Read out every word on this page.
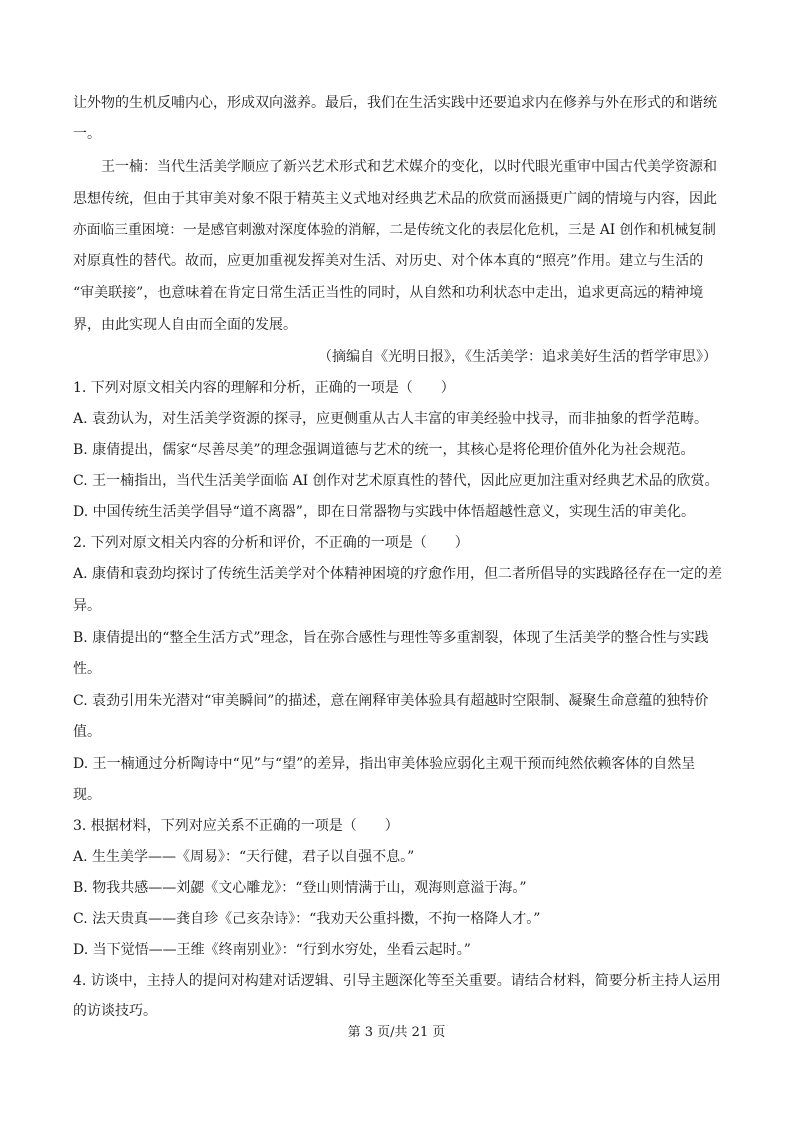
让外物的生机反哺内心，形成双向滋养。最后，我们在生活实践中还要追求内在修养与外在形式的和谐统
一。
王一楠：当代生活美学顺应了新兴艺术形式和艺术媒介的变化，以时代眼光重审中国古代美学资源和
思想传统，但由于其审美对象不限于精英主义式地对经典艺术品的欣赏而涵摄更广阔的情境与内容，因此
亦面临三重困境：一是感官刺激对深度体验的消解，二是传统文化的表层化危机，三是 AI 创作和机械复制
对原真性的替代。故而，应更加重视发挥美对生活、对历史、对个体本真的“照亮”作用。建立与生活的
“审美联接”，也意味着在肯定日常生活正当性的同时，从自然和功利状态中走出，追求更高远的精神境
界，由此实现人自由而全面的发展。
（摘编自《光明日报》，《生活美学：追求美好生活的哲学审思》）
1. 下列对原文相关内容的理解和分析，正确的一项是（　　）
A. 袁劲认为，对生活美学资源的探寻，应更侧重从古人丰富的审美经验中找寻，而非抽象的哲学范畴。
B. 康倩提出，儒家“尽善尽美”的理念强调道德与艺术的统一，其核心是将伦理价值外化为社会规范。
C. 王一楠指出，当代生活美学面临 AI 创作对艺术原真性的替代，因此应更加注重对经典艺术品的欣赏。
D. 中国传统生活美学倡导“道不离器”，即在日常器物与实践中体悟超越性意义，实现生活的审美化。
2. 下列对原文相关内容的分析和评价，不正确的一项是（　　）
A. 康倩和袁劲均探讨了传统生活美学对个体精神困境的疗愈作用，但二者所倡导的实践路径存在一定的差
异。
B. 康倩提出的“整全生活方式”理念，旨在弥合感性与理性等多重割裂，体现了生活美学的整合性与实践
性。
C. 袁劲引用朱光潜对“审美瞬间”的描述，意在阐释审美体验具有超越时空限制、凝聚生命意蕴的独特价
值。
D. 王一楠通过分析陶诗中“见”与“望”的差异，指出审美体验应弱化主观干预而纯然依赖客体的自然呈
现。
3. 根据材料，下列对应关系不正确的一项是（　　）
A. 生生美学——《周易》：“天行健，君子以自强不息。”
B. 物我共感——刘勰《文心雕龙》：“登山则情满于山，观海则意溢于海。”
C. 法天贵真——龚自珍《己亥杂诗》：“我劝天公重抖擞，不拘一格降人才。”
D. 当下觉悟——王维《终南别业》：“行到水穷处，坐看云起时。”
4. 访谈中，主持人的提问对构建对话逻辑、引导主题深化等至关重要。请结合材料，简要分析主持人运用
的访谈技巧。
第 3 页/共 21 页
